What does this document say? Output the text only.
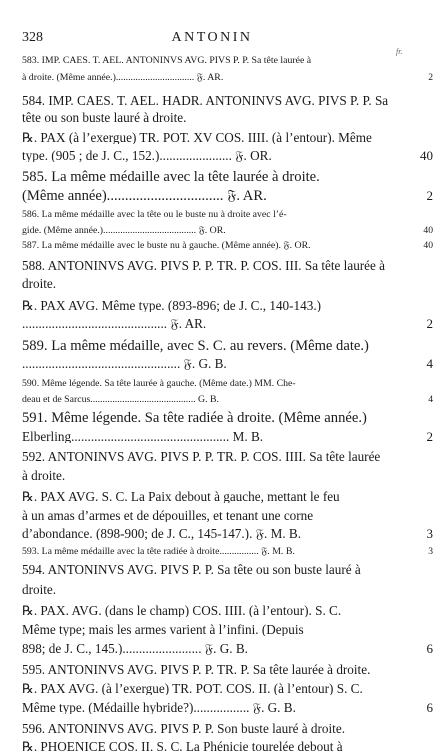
328	ANTONIN
fr.
583. IMP. CAES. T. AEL. ANTONINVS AVG. PIVS P. P. Sa tête laurée à
à droite. (Même année.)................................ 𝔉. AR.	2
584. IMP. CAES. T. AEL. HADR. ANTONINVS AVG. PIVS P. P. Sa
tête ou son buste lauré à droite.
℞. PAX (à l’exergue) TR. POT. XV COS. IIII. (à l’entour). Même
type. (905 ; de J. C., 152.)...................... 𝔉. OR.	40
585. La même médaille avec la tête laurée à droite.
(Même année)................................ 𝔉. AR.	2
586. La même médaille avec la tête ou le buste nu à droite avec l’é-
gide. (Même année.)...................................... 𝔉. OR.	40
587. La même médaille avec le buste nu à gauche. (Même année). 𝔉. OR.	40
588. ANTONINVS AVG. PIVS P. P. TR. P. COS. III. Sa tête laurée à
droite.
℞. PAX AVG. Même type. (893-896; de J. C., 140-143.)
............................................ 𝔉. AR.	2
589. La même médaille, avec S. C. au revers. (Même date.)
................................................ 𝔉. G. B.	4
590. Même légende. Sa tête laurée à gauche. (Même date.) MM. Che-
deau et de Sarcus........................................... G. B.	4
591. Même légende. Sa tête radiée à droite. (Même année.)
Elberling................................................ M. B.	2
592. ANTONINVS AVG. PIVS P. P. TR. P. COS. IIII. Sa tête laurée
à droite.
℞. PAX AVG. S. C. La Paix debout à gauche, mettant le feu
à un amas d’armes et de dépouilles, et tenant une corne
d’abondance. (898-900; de J. C., 145-147.). 𝔉. M. B.	3
593. La même médaille avec la tête radiée à droite................ 𝔉. M. B.	3
594. ANTONINVS AVG. PIVS P. P. Sa tête ou son buste lauré à
droite.
℞. PAX. AVG. (dans le champ) COS. IIII. (à l’entour). S. C.
Même type; mais les armes varient à l’infini. (Depuis
898; de J. C., 145.)........................ 𝔉. G. B.	6
595. ANTONINVS AVG. PIVS P. P. TR. P. Sa tête laurée à droite.
℞. PAX AVG. (à l’exergue) TR. POT. COS. II. (à l’entour) S. C.
Même type. (Médaille hybride?)................. 𝔉. G. B.	6
596. ANTONINVS AVG. PIVS P. P. Son buste lauré à droite.
℞. PHOENICE COS. II. S. C. La Phénicie tourelée debout à
